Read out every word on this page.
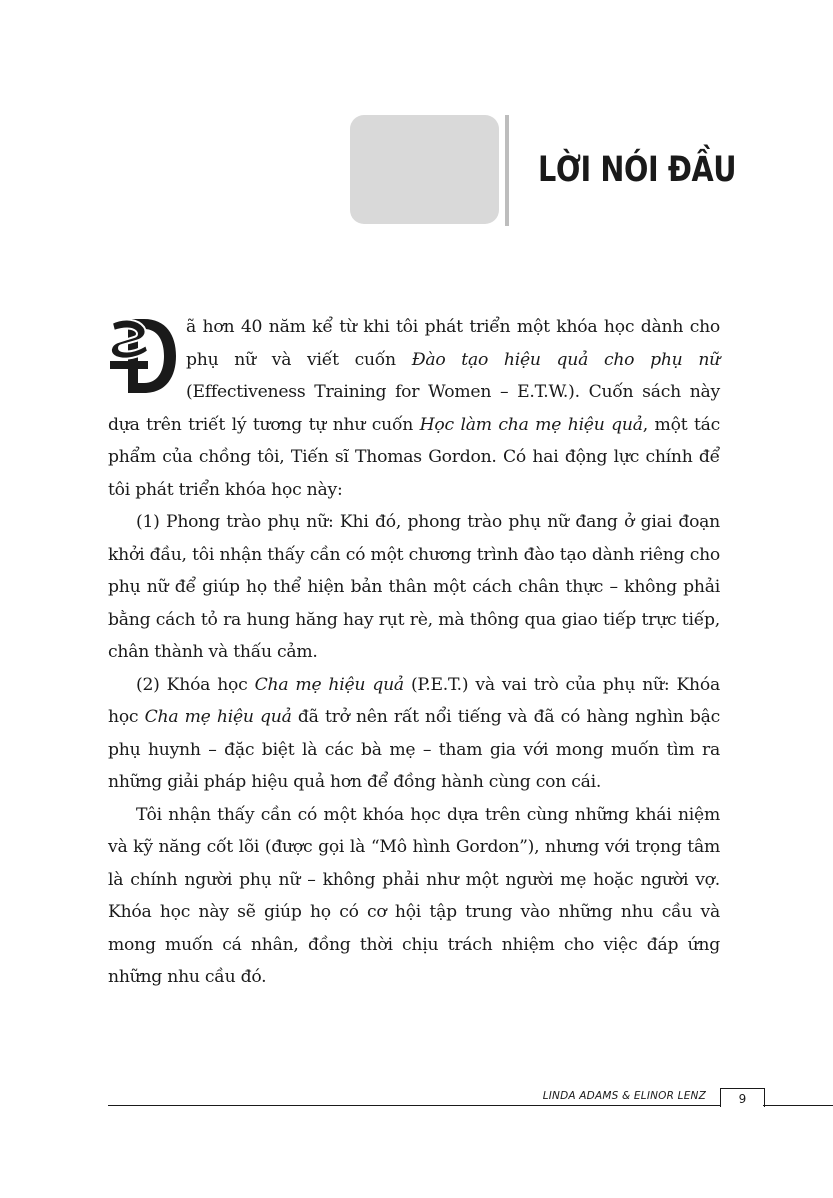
LỜI NÓI ĐẦU

ã hơn 40 năm kể từ khi tôi phát triển một khóa học dành cho phụ nữ và viết cuốn Đào tạo hiệu quả cho phụ nữ (Effectiveness Training for Women – E.T.W.). Cuốn sách này dựa trên triết lý tương tự như cuốn Học làm cha mẹ hiệu quả, một tác phẩm của chồng tôi, Tiến sĩ Thomas Gordon. Có hai động lực chính để tôi phát triển khóa học này:

(1) Phong trào phụ nữ: Khi đó, phong trào phụ nữ đang ở giai đoạn khởi đầu, tôi nhận thấy cần có một chương trình đào tạo dành riêng cho phụ nữ để giúp họ thể hiện bản thân một cách chân thực – không phải bằng cách tỏ ra hung hăng hay rụt rè, mà thông qua giao tiếp trực tiếp, chân thành và thấu cảm.

(2) Khóa học Cha mẹ hiệu quả (P.E.T.) và vai trò của phụ nữ: Khóa học Cha mẹ hiệu quả đã trở nên rất nổi tiếng và đã có hàng nghìn bậc phụ huynh – đặc biệt là các bà mẹ – tham gia với mong muốn tìm ra những giải pháp hiệu quả hơn để đồng hành cùng con cái.

Tôi nhận thấy cần có một khóa học dựa trên cùng những khái niệm và kỹ năng cốt lõi (được gọi là “Mô hình Gordon”), nhưng với trọng tâm là chính người phụ nữ – không phải như một người mẹ hoặc người vợ. Khóa học này sẽ giúp họ có cơ hội tập trung vào những nhu cầu và mong muốn cá nhân, đồng thời chịu trách nhiệm cho việc đáp ứng những nhu cầu đó.

LINDA ADAMS & ELINOR LENZ	9
